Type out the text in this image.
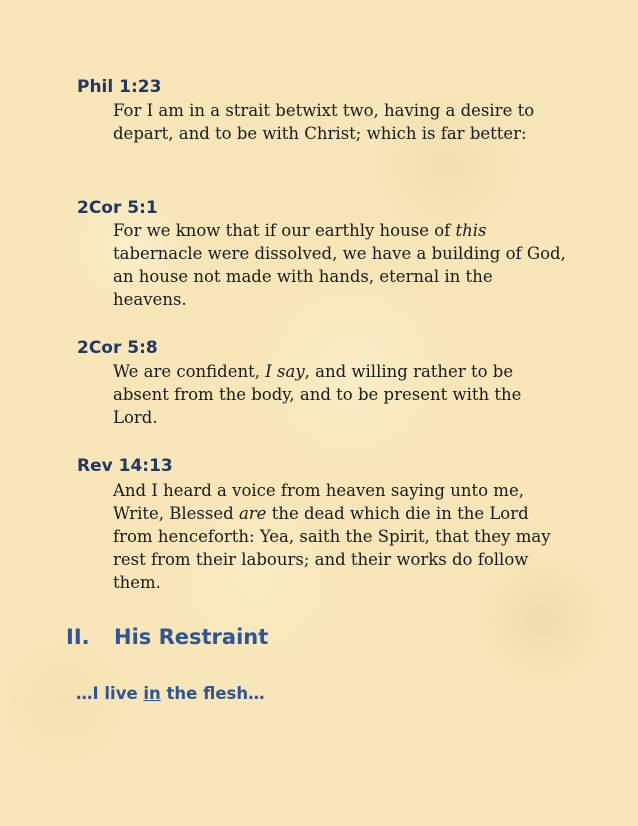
Phil 1:23

For I am in a strait betwixt two, having a desire to depart, and to be with Christ; which is far better:

2Cor 5:1

For we know that if our earthly house of this tabernacle were dissolved, we have a building of God, an house not made with hands, eternal in the heavens.

2Cor 5:8

We are confident, I say, and willing rather to be absent from the body, and to be present with the Lord.

Rev 14:13

And I heard a voice from heaven saying unto me, Write, Blessed are the dead which die in the Lord from henceforth: Yea, saith the Spirit, that they may rest from their labours; and their works do follow them.

II. His Restraint

…I live in the flesh…
